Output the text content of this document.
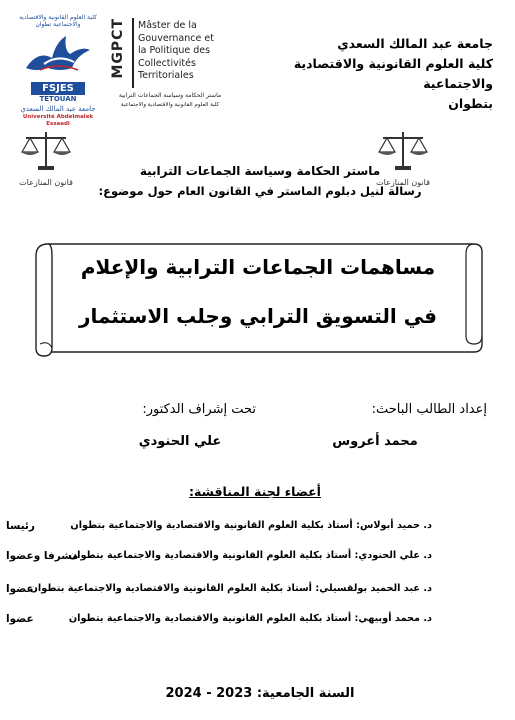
كلية العلوم القانونية والاقتصادية والاجتماعية تطوان
FSJES
TETOUAN
جامعة عبد المالك السعدي
Université Abdelmalek Essaadi
MGPCT Mâster de la
Gouvernance et
la Politique des
Collectivités
Territoriales
ماستر الحكامة وسياسة الجماعات الترابية
كلية العلوم القانونية والاقتصادية والاجتماعية
جامعة عبد المالك السعدي
كلية العلوم القانونية والاقتصادية والاجتماعية
بتطوان
قانون المنازعات	قانون المنازعات
ماستر الحكامة وسياسة الجماعات الترابية
رسالة لنيل دبلوم الماستر في القانون العام حول موضوع:
مساهمات الجماعات الترابية والإعلام
في التسويق الترابي وجلب الاستثمار
إعداد الطالب الباحث:
محمد أعروس
تحت إشراف الدكتور:
علي الحنودي
أعضاء لجنة المناقشة:
د. حميد أبولاس: أستاذ بكلية العلوم القانونية والاقتصادية والاجتماعية بتطوان
رئيسا
د. علي الحنودي: أستاذ بكلية العلوم القانونية والاقتصادية والاجتماعية بتطوان
مشرفا وعضوا
د. عبد الحميد بولقسيلي: أستاذ بكلية العلوم القانونية والاقتصادية والاجتماعية بتطوان
عضوا
د. محمد أوبيهي: أستاذ بكلية العلوم القانونية والاقتصادية والاجتماعية بتطوان
عضوا
السنة الجامعية: 2023 - 2024
